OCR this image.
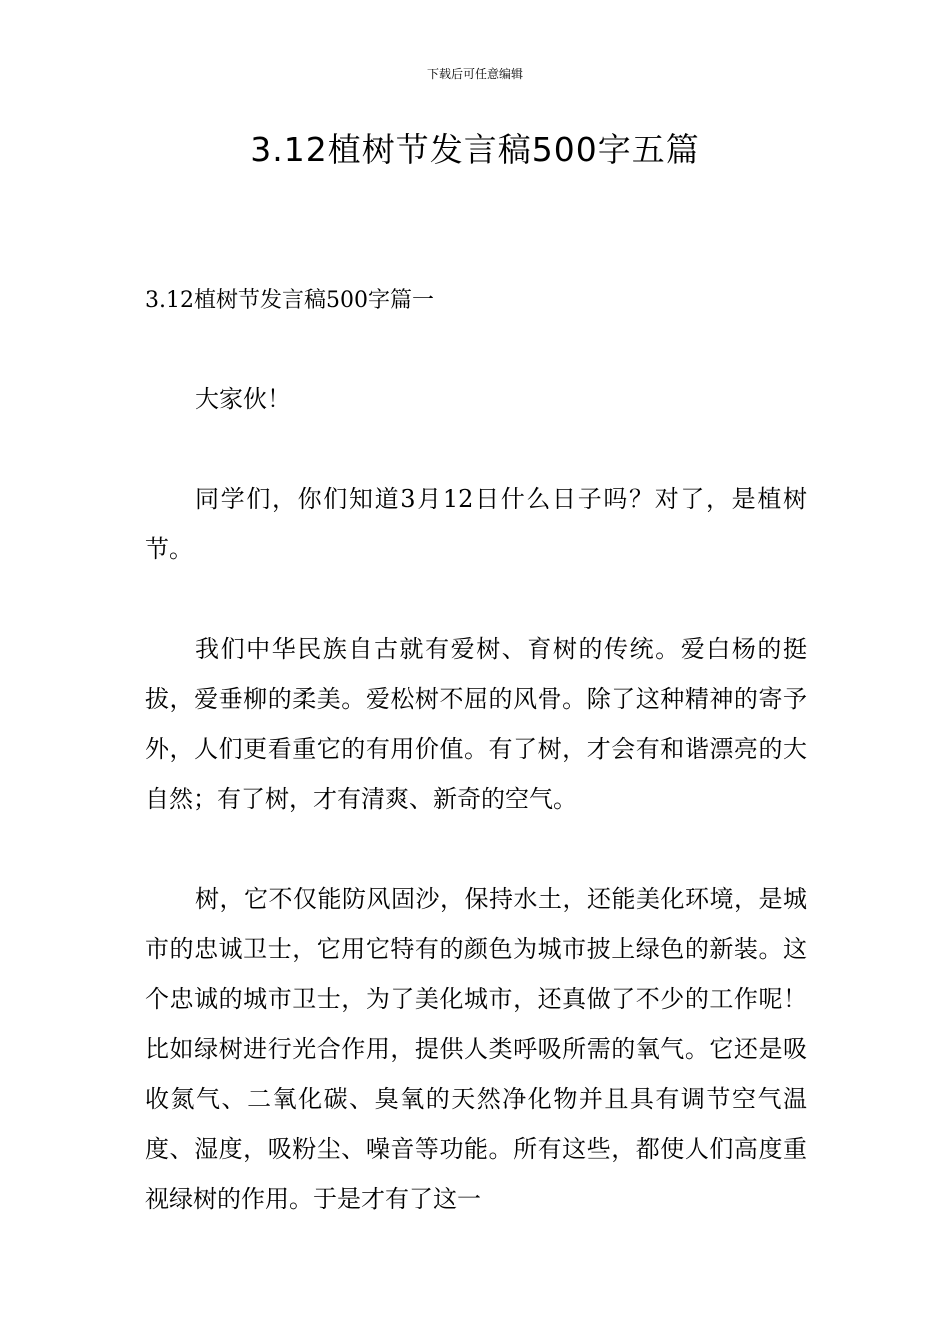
下载后可任意编辑
3.12植树节发言稿500字五篇
3.12植树节发言稿500字篇一

大家伙！

同学们，你们知道3月12日什么日子吗？对了，是植树节。

我们中华民族自古就有爱树、育树的传统。爱白杨的挺拔，爱垂柳的柔美。爱松树不屈的风骨。除了这种精神的寄予外，人们更看重它的有用价值。有了树，才会有和谐漂亮的大自然；有了树，才有清爽、新奇的空气。

树，它不仅能防风固沙，保持水土，还能美化环境，是城市的忠诚卫士，它用它特有的颜色为城市披上绿色的新装。这个忠诚的城市卫士，为了美化城市，还真做了不少的工作呢！比如绿树进行光合作用，提供人类呼吸所需的氧气。它还是吸收氮气、二氧化碳、臭氧的天然净化物并且具有调节空气温度、湿度，吸粉尘、噪音等功能。所有这些，都使人们高度重视绿树的作用。于是才有了这一
